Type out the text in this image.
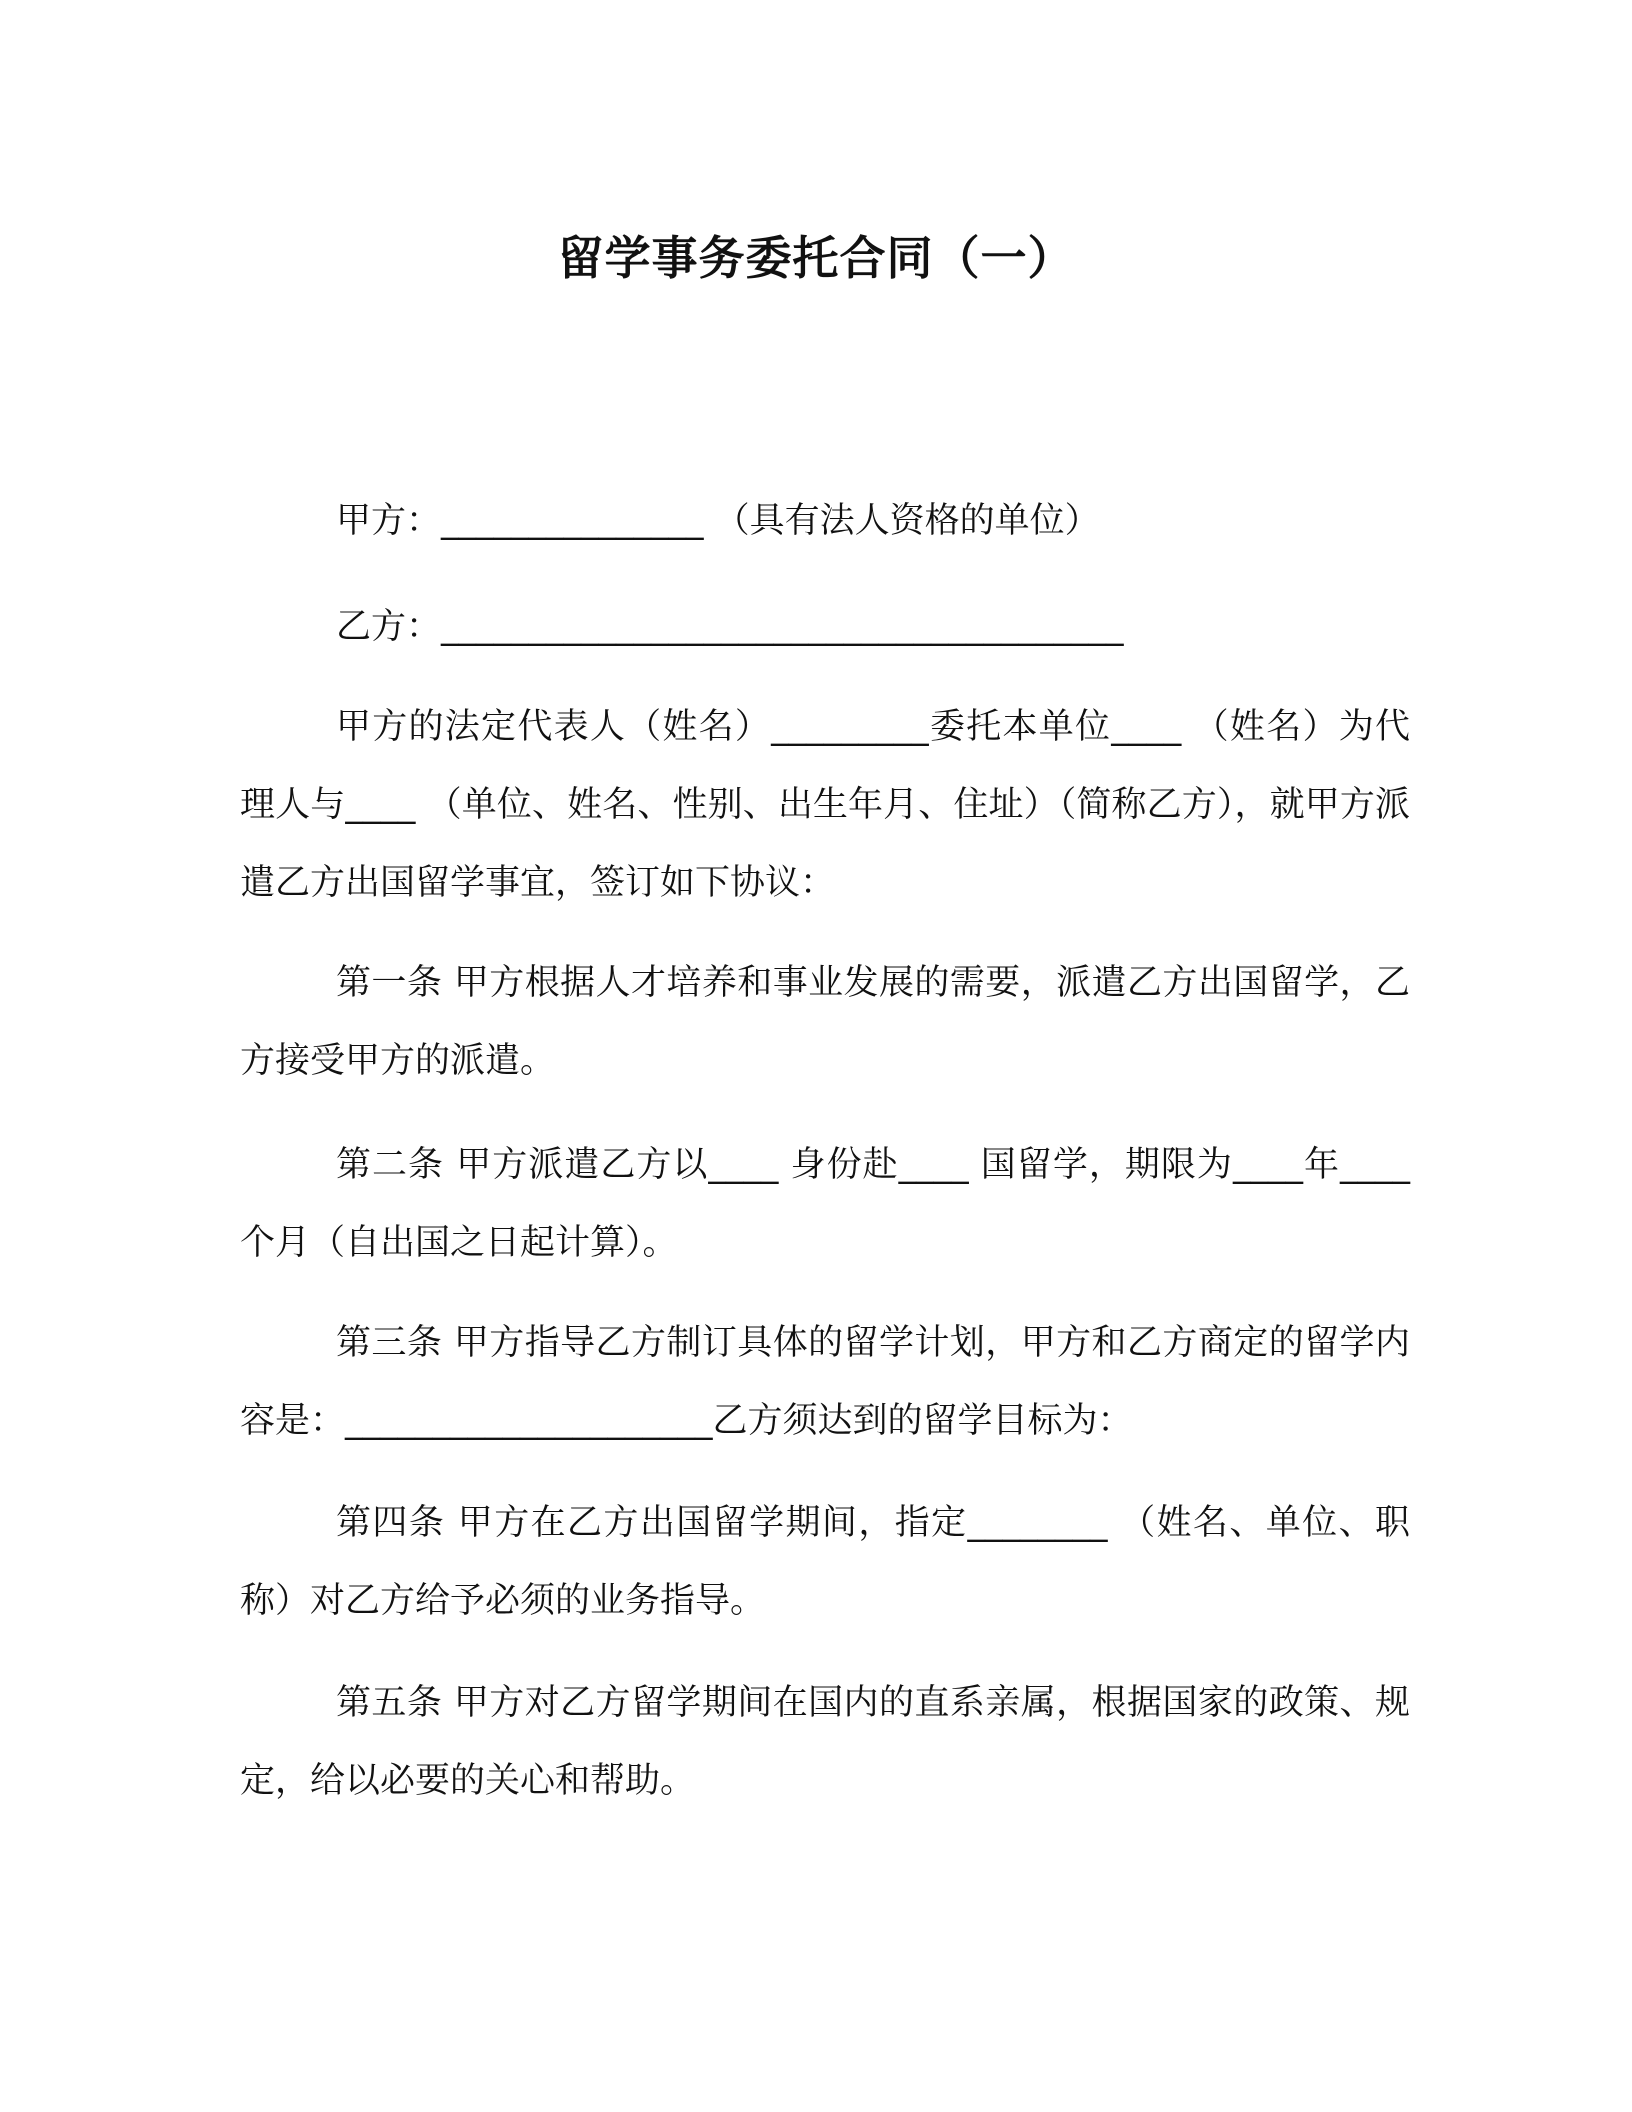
留学事务委托合同（一）
甲方：_______________ （具有法人资格的单位）
乙方：_______________________________________
甲方的法定代表人（姓名）_________委托本单位____ （姓名）为代理人与____ （单位、姓名、性别、出生年月、住址）（简称乙方），就甲方派遣乙方出国留学事宜，签订如下协议：
第一条 甲方根据人才培养和事业发展的需要，派遣乙方出国留学，乙方接受甲方的派遣。
第二条 甲方派遣乙方以____ 身份赴____ 国留学，期限为____年____ 个月（自出国之日起计算）。
第三条 甲方指导乙方制订具体的留学计划，甲方和乙方商定的留学内容是：_____________________乙方须达到的留学目标为：
第四条 甲方在乙方出国留学期间，指定________ （姓名、单位、职称）对乙方给予必须的业务指导。
第五条 甲方对乙方留学期间在国内的直系亲属，根据国家的政策、规定，给以必要的关心和帮助。
